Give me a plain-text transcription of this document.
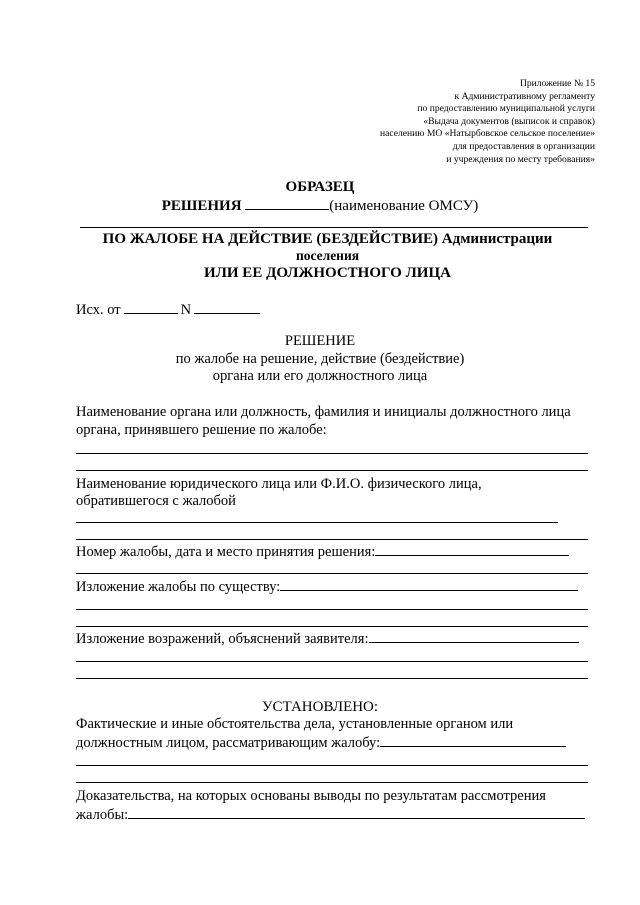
Приложение № 15
к Административному регламенту
по предоставлению муниципальной услуги
«Выдача документов (выписок и справок)
населению МО «Натырбовское сельское поселение»
для предоставления в организации
и учреждения по месту требования»
ОБРАЗЕЦ
РЕШЕНИЯ	(наименование ОМСУ)
ПО ЖАЛОБЕ НА ДЕЙСТВИЕ (БЕЗДЕЙСТВИЕ) Администрации
поселения
ИЛИ ЕЕ ДОЛЖНОСТНОГО ЛИЦА
Исх. от	N
РЕШЕНИЕ
по жалобе на решение, действие (бездействие)
органа или его должностного лица
Наименование органа или должность, фамилия и инициалы должностного лица
органа, принявшего решение по жалобе:
Наименование юридического лица или Ф.И.О. физического лица,
обратившегося с жалобой
Номер жалобы, дата и место принятия решения:
Изложение жалобы по существу:
Изложение возражений, объяснений заявителя:
УСТАНОВЛЕНО:
Фактические и иные обстоятельства дела, установленные органом или
должностным лицом, рассматривающим жалобу:
Доказательства, на которых основаны выводы по результатам рассмотрения
жалобы:
